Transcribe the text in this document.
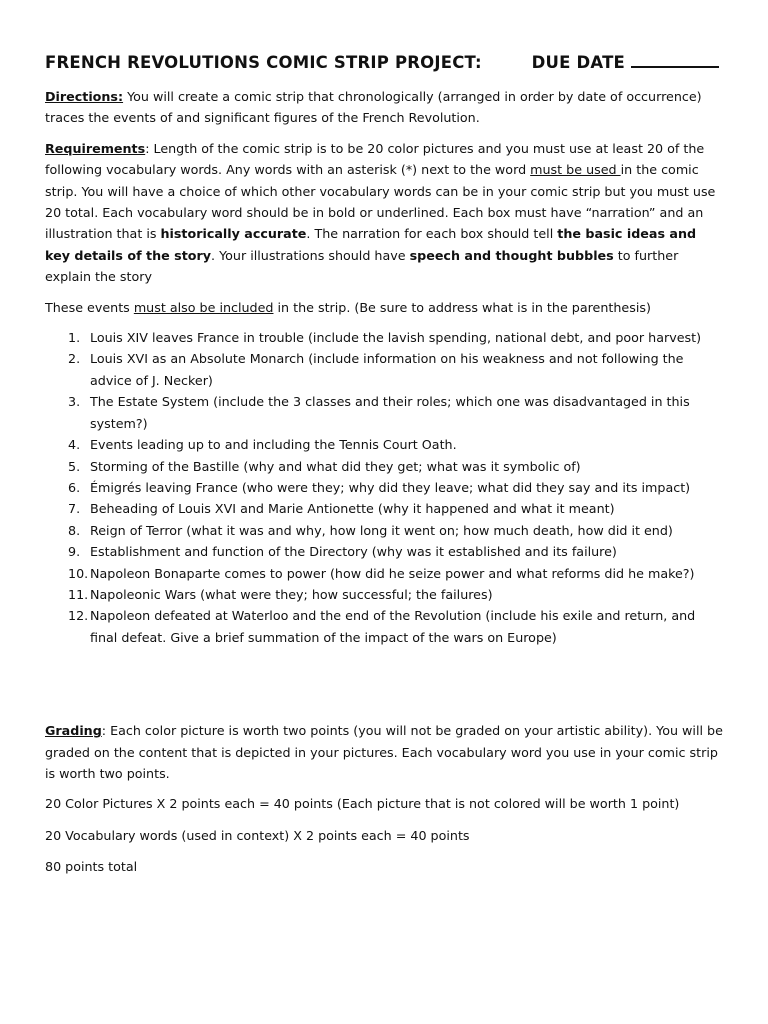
FRENCH REVOLUTIONS COMIC STRIP PROJECT:	DUE DATE

Directions: You will create a comic strip that chronologically (arranged in order by date of occurrence) traces the events of and significant figures of the French Revolution.

Requirements: Length of the comic strip is to be 20 color pictures and you must use at least 20 of the following vocabulary words. Any words with an asterisk (*) next to the word must be used in the comic strip. You will have a choice of which other vocabulary words can be in your comic strip but you must use 20 total. Each vocabulary word should be in bold or underlined. Each box must have “narration” and an illustration that is historically accurate. The narration for each box should tell the basic ideas and key details of the story. Your illustrations should have speech and thought bubbles to further explain the story

These events must also be included in the strip. (Be sure to address what is in the parenthesis)

1. Louis XIV leaves France in trouble (include the lavish spending, national debt, and poor harvest)
2. Louis XVI as an Absolute Monarch (include information on his weakness and not following the advice of J. Necker)
3. The Estate System (include the 3 classes and their roles; which one was disadvantaged in this system?)
4. Events leading up to and including the Tennis Court Oath.
5. Storming of the Bastille (why and what did they get; what was it symbolic of)
6. Émigrés leaving France (who were they; why did they leave; what did they say and its impact)
7. Beheading of Louis XVI and Marie Antionette (why it happened and what it meant)
8. Reign of Terror (what it was and why, how long it went on; how much death, how did it end)
9. Establishment and function of the Directory (why was it established and its failure)
10. Napoleon Bonaparte comes to power (how did he seize power and what reforms did he make?)
11. Napoleonic Wars (what were they; how successful; the failures)
12. Napoleon defeated at Waterloo and the end of the Revolution (include his exile and return, and final defeat. Give a brief summation of the impact of the wars on Europe)

Grading: Each color picture is worth two points (you will not be graded on your artistic ability). You will be graded on the content that is depicted in your pictures. Each vocabulary word you use in your comic strip is worth two points.

20 Color Pictures X 2 points each = 40 points (Each picture that is not colored will be worth 1 point)

20 Vocabulary words (used in context) X 2 points each = 40 points

80 points total
